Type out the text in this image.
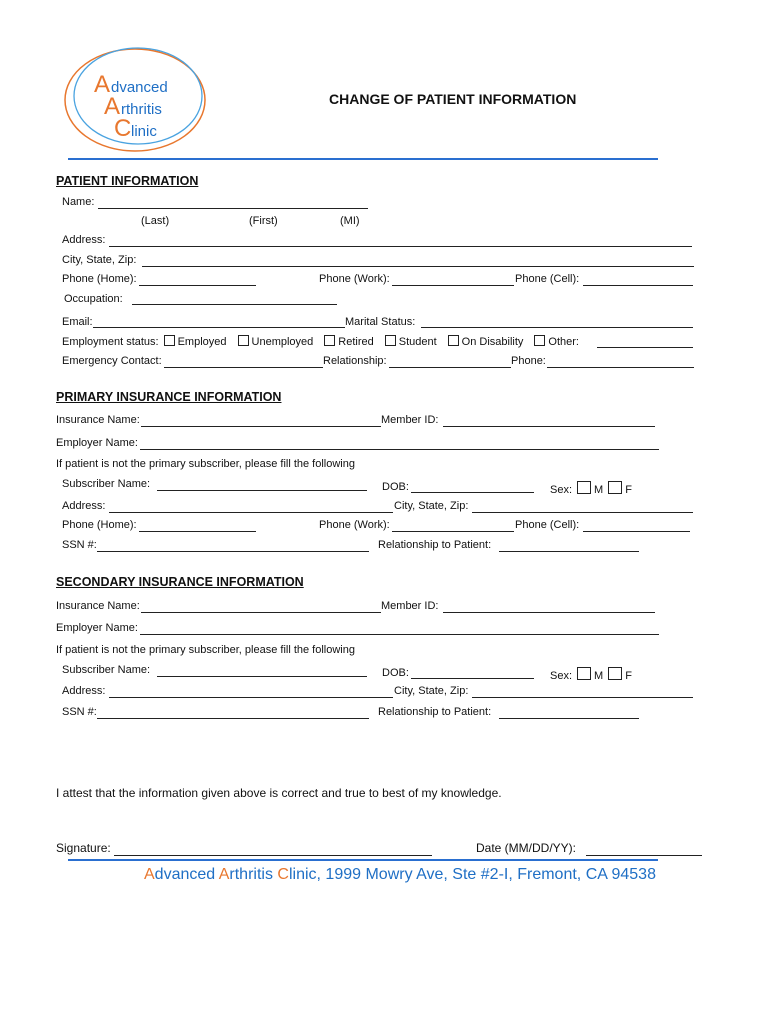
A dvanced
A rthritis
C linic
CHANGE OF PATIENT INFORMATION
PATIENT INFORMATION
Name:
(Last)	(First)	(MI)
Address:
City, State, Zip:
Phone (Home):	Phone (Work):	Phone (Cell):
Occupation:
Email:	Marital Status:
Employment status: Employed Unemployed Retired Student On Disability Other:
Emergency Contact:	Relationship:	Phone:
PRIMARY INSURANCE INFORMATION
Insurance Name:	Member ID:
Employer Name:
If patient is not the primary subscriber, please fill the following
Subscriber Name:	DOB:	Sex: M F
Address:	City, State, Zip:
Phone (Home):	Phone (Work):	Phone (Cell):
SSN #:	Relationship to Patient:
SECONDARY INSURANCE INFORMATION
Insurance Name:	Member ID:
Employer Name:
If patient is not the primary subscriber, please fill the following
Subscriber Name:	DOB:	Sex: M F
Address:	City, State, Zip:
SSN #:	Relationship to Patient:
I attest that the information given above is correct and true to best of my knowledge.
Signature:	Date (MM/DD/YY):
Advanced Arthritis Clinic, 1999 Mowry Ave, Ste #2-I, Fremont, CA 94538
